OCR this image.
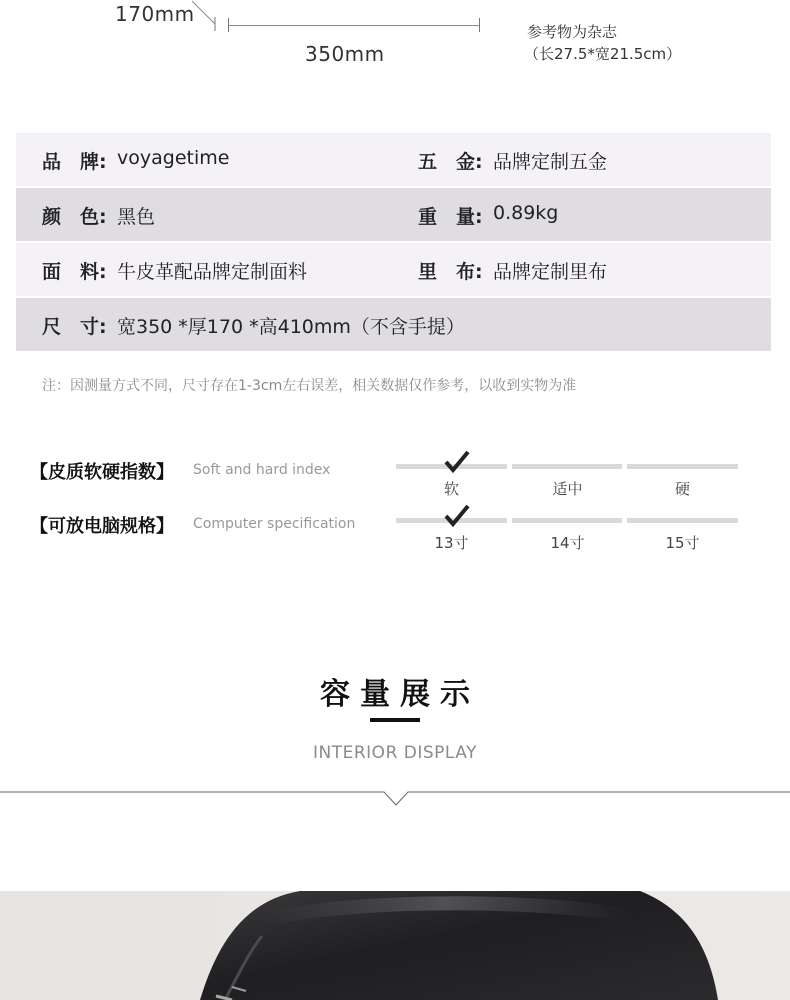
170mm
350mm
参考物为杂志
（长27.5*宽21.5cm）
品　牌: voyagetime	五　金: 品牌定制五金
颜　色: 黑色	重　量: 0.89kg
面　料: 牛皮革配品牌定制面料	里　布: 品牌定制里布
尺　寸: 宽350 *厚170 *高410mm（不含手提）
注：因测量方式不同，尺寸存在1-3cm左右误差，相关数据仅作参考，以收到实物为准
【皮质软硬指数】 Soft and hard index
软	适中	硬
【可放电脑规格】 Computer specification
13寸	14寸	15寸
容量展示
INTERIOR DISPLAY
